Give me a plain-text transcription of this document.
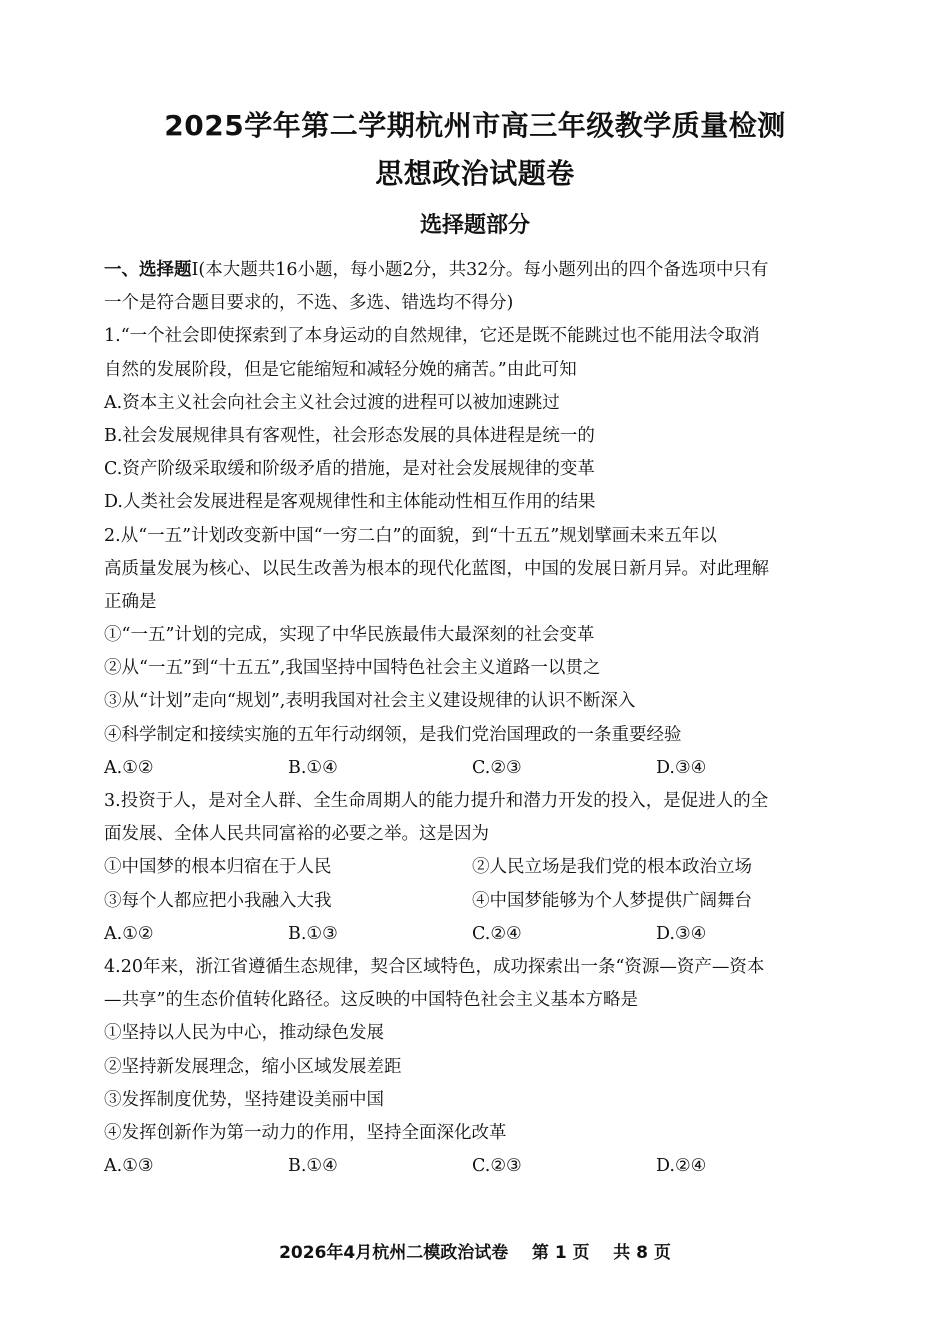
2025学年第二学期杭州市高三年级教学质量检测
思想政治试题卷
选择题部分
一、选择题Ⅰ(本大题共16小题，每小题2分，共32分。每小题列出的四个备选项中只有
一个是符合题目要求的，不选、多选、错选均不得分)
1.“一个社会即使探索到了本身运动的自然规律，它还是既不能跳过也不能用法令取消
自然的发展阶段，但是它能缩短和减轻分娩的痛苦。”由此可知
A.资本主义社会向社会主义社会过渡的进程可以被加速跳过
B.社会发展规律具有客观性，社会形态发展的具体进程是统一的
C.资产阶级采取缓和阶级矛盾的措施，是对社会发展规律的变革
D.人类社会发展进程是客观规律性和主体能动性相互作用的结果
2.从“一五”计划改变新中国“一穷二白”的面貌，到“十五五”规划擘画未来五年以
高质量发展为核心、以民生改善为根本的现代化蓝图，中国的发展日新月异。对此理解
正确是
①“一五”计划的完成，实现了中华民族最伟大最深刻的社会变革
②从“一五”到“十五五”,我国坚持中国特色社会主义道路一以贯之
③从“计划”走向“规划”,表明我国对社会主义建设规律的认识不断深入
④科学制定和接续实施的五年行动纲领，是我们党治国理政的一条重要经验
A.①②	B.①④	C.②③	D.③④
3.投资于人，是对全人群、全生命周期人的能力提升和潜力开发的投入，是促进人的全
面发展、全体人民共同富裕的必要之举。这是因为
①中国梦的根本归宿在于人民	②人民立场是我们党的根本政治立场
③每个人都应把小我融入大我	④中国梦能够为个人梦提供广阔舞台
A.①②	B.①③	C.②④	D.③④
4.20年来，浙江省遵循生态规律，契合区域特色，成功探索出一条“资源—资产—资本
—共享”的生态价值转化路径。这反映的中国特色社会主义基本方略是
①坚持以人民为中心，推动绿色发展
②坚持新发展理念，缩小区域发展差距
③发挥制度优势，坚持建设美丽中国
④发挥创新作为第一动力的作用，坚持全面深化改革
A.①③	B.①④	C.②③	D.②④
2026年4月杭州二模政治试卷    第 1 页    共 8 页
